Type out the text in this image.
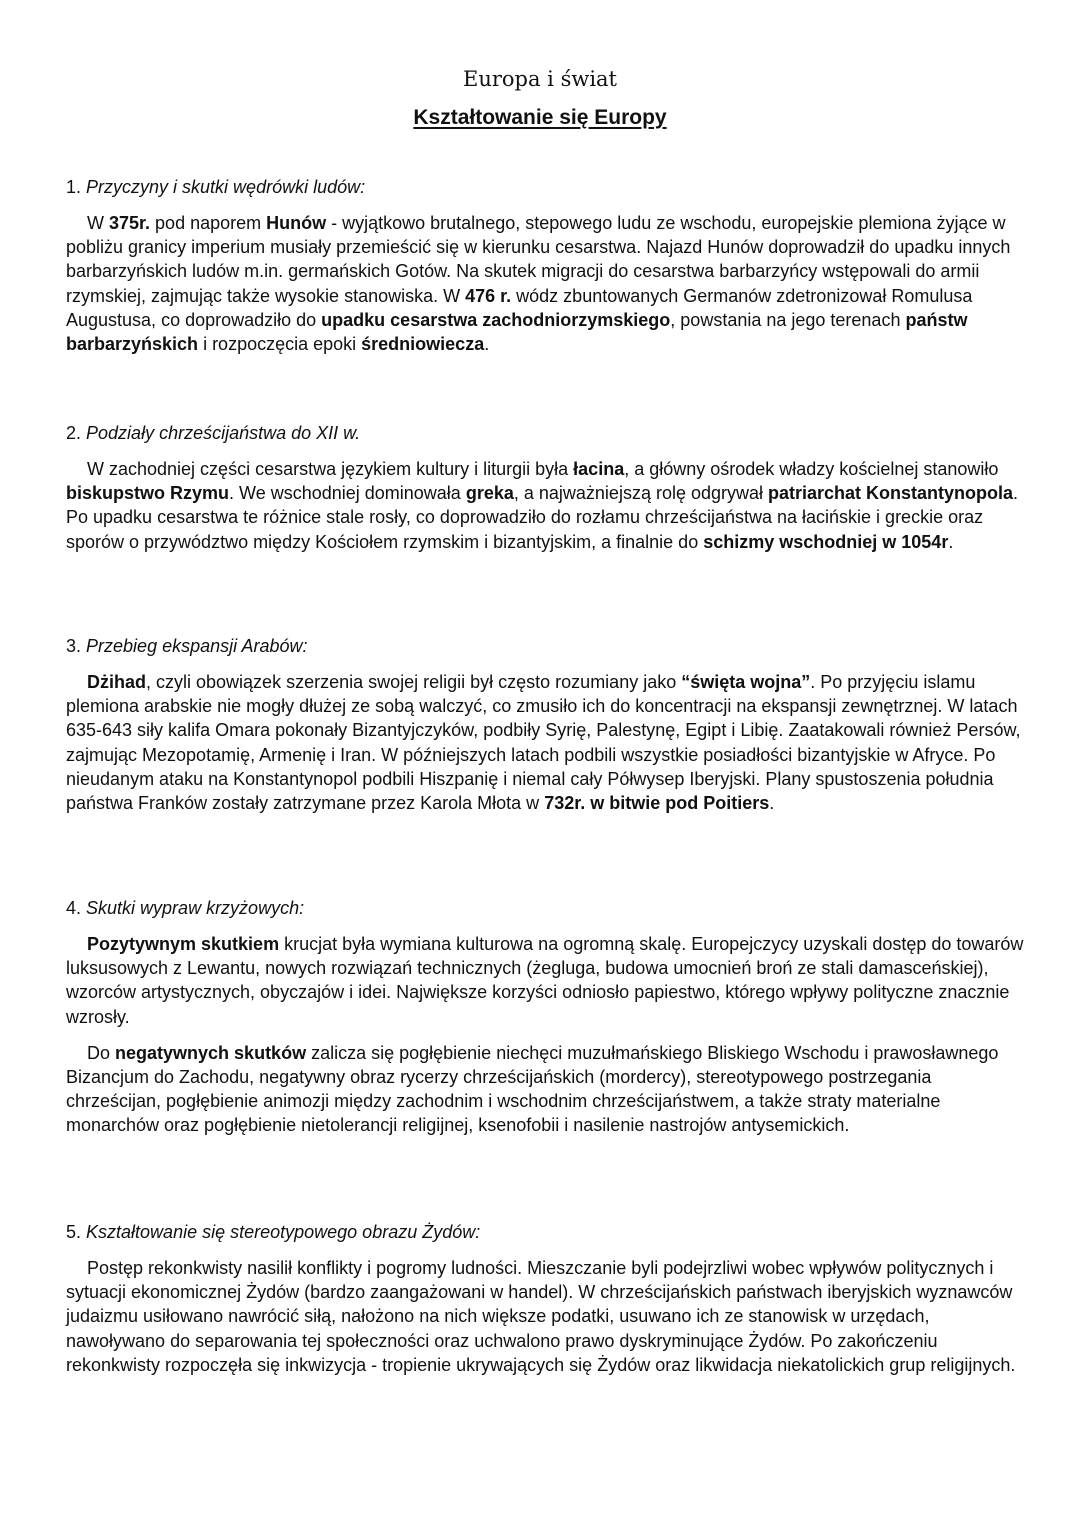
Europa i świat
Kształtowanie się Europy

1. Przyczyny i skutki wędrówki ludów:

W 375r. pod naporem Hunów - wyjątkowo brutalnego, stepowego ludu ze wschodu, europejskie plemiona żyjące w pobliżu granicy imperium musiały przemieścić się w kierunku cesarstwa. Najazd Hunów doprowadził do upadku innych barbarzyńskich ludów m.in. germańskich Gotów. Na skutek migracji do cesarstwa barbarzyńcy wstępowali do armii rzymskiej, zajmując także wysokie stanowiska. W 476 r. wódz zbuntowanych Germanów zdetronizował Romulusa Augustusa, co doprowadziło do upadku cesarstwa zachodniorzymskiego, powstania na jego terenach państw barbarzyńskich i rozpoczęcia epoki średniowiecza.

2. Podziały chrześcijaństwa do XII w.

W zachodniej części cesarstwa językiem kultury i liturgii była łacina, a główny ośrodek władzy kościelnej stanowiło biskupstwo Rzymu. We wschodniej dominowała greka, a najważniejszą rolę odgrywał patriarchat Konstantynopola. Po upadku cesarstwa te różnice stale rosły, co doprowadziło do rozłamu chrześcijaństwa na łacińskie i greckie oraz sporów o przywództwo między Kościołem rzymskim i bizantyjskim, a finalnie do schizmy wschodniej w 1054r.

3. Przebieg ekspansji Arabów:

Dżihad, czyli obowiązek szerzenia swojej religii był często rozumiany jako “święta wojna”. Po przyjęciu islamu plemiona arabskie nie mogły dłużej ze sobą walczyć, co zmusiło ich do koncentracji na ekspansji zewnętrznej. W latach 635-643 siły kalifa Omara pokonały Bizantyjczyków, podbiły Syrię, Palestynę, Egipt i Libię. Zaatakowali również Persów, zajmując Mezopotamię, Armenię i Iran. W późniejszych latach podbili wszystkie posiadłości bizantyjskie w Afryce. Po nieudanym ataku na Konstantynopol podbili Hiszpanię i niemal cały Półwysep Iberyjski. Plany spustoszenia południa państwa Franków zostały zatrzymane przez Karola Młota w 732r. w bitwie pod Poitiers.

4. Skutki wypraw krzyżowych:

Pozytywnym skutkiem krucjat była wymiana kulturowa na ogromną skalę. Europejczycy uzyskali dostęp do towarów luksusowych z Lewantu, nowych rozwiązań technicznych (żegluga, budowa umocnień broń ze stali damasceńskiej), wzorców artystycznych, obyczajów i idei. Największe korzyści odniosło papiestwo, którego wpływy polityczne znacznie wzrosły.

Do negatywnych skutków zalicza się pogłębienie niechęci muzułmańskiego Bliskiego Wschodu i prawosławnego Bizancjum do Zachodu, negatywny obraz rycerzy chrześcijańskich (mordercy), stereotypowego postrzegania chrześcijan, pogłębienie animozji między zachodnim i wschodnim chrześcijaństwem, a także straty materialne monarchów oraz pogłębienie nietolerancji religijnej, ksenofobii i nasilenie nastrojów antysemickich.

5. Kształtowanie się stereotypowego obrazu Żydów:

Postęp rekonkwisty nasilił konflikty i pogromy ludności. Mieszczanie byli podejrzliwi wobec wpływów politycznych i sytuacji ekonomicznej Żydów (bardzo zaangażowani w handel). W chrześcijańskich państwach iberyjskich wyznawców judaizmu usiłowano nawrócić siłą, nałożono na nich większe podatki, usuwano ich ze stanowisk w urzędach, nawoływano do separowania tej społeczności oraz uchwalono prawo dyskryminujące Żydów. Po zakończeniu rekonkwisty rozpoczęła się inkwizycja - tropienie ukrywających się Żydów oraz likwidacja niekatolickich grup religijnych.
